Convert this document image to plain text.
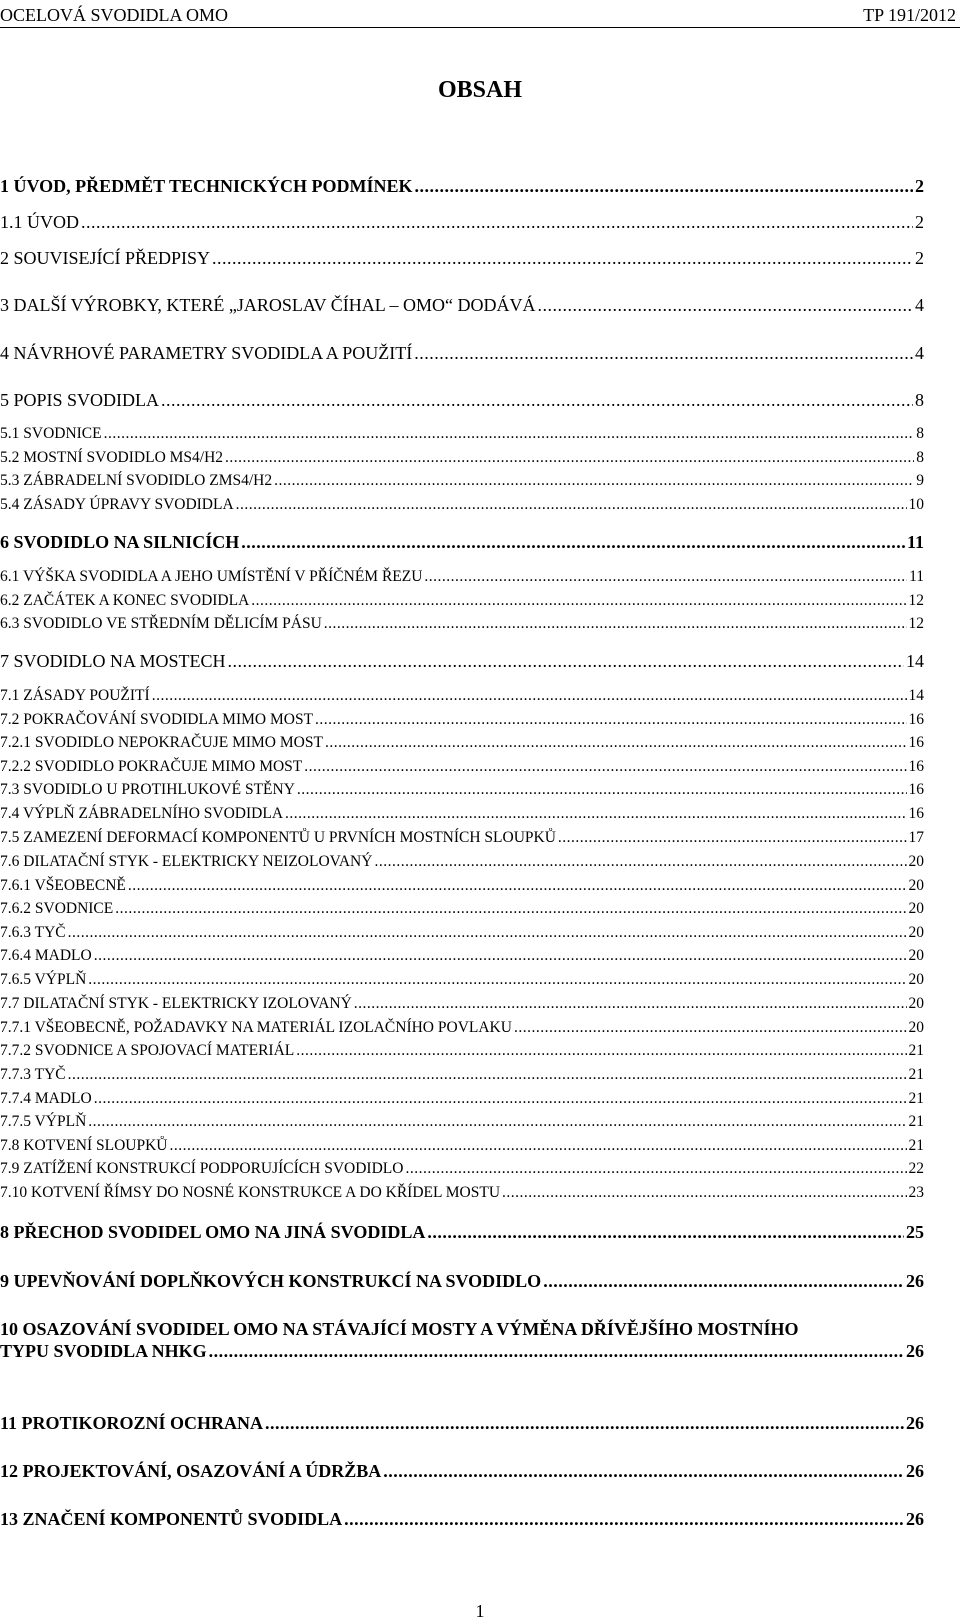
OCELOVÁ SVODIDLA OMO	TP 191/2012
OBSAH
1 ÚVOD, PŘEDMĚT TECHNICKÝCH PODMÍNEK .....	2
1.1 ÚVOD .....	2
2 SOUVISEJÍCÍ PŘEDPISY .....	2
3 DALŠÍ VÝROBKY, KTERÉ „JAROSLAV ČÍHAL – OMO“ DODÁVÁ .....	4
4 NÁVRHOVÉ PARAMETRY SVODIDLA A POUŽITÍ .....	4
5 POPIS SVODIDLA .....	8
5.1 SVODNICE .....	8
5.2 MOSTNÍ SVODIDLO MS4/H2 .....	8
5.3 ZÁBRADELNÍ SVODIDLO ZMS4/H2 .....	9
5.4 ZÁSADY ÚPRAVY SVODIDLA .....	10
6 SVODIDLO NA SILNICÍCH .....	11
6.1 VÝŠKA SVODIDLA A JEHO UMÍSTĚNÍ V PŘÍČNÉM ŘEZU .....	11
6.2 ZAČÁTEK A KONEC SVODIDLA .....	12
6.3 SVODIDLO VE STŘEDNÍM DĚLICÍM PÁSU .....	12
7 SVODIDLO NA MOSTECH .....	14
7.1 ZÁSADY POUŽITÍ .....	14
7.2 POKRAČOVÁNÍ SVODIDLA MIMO MOST .....	16
7.2.1 SVODIDLO NEPOKRAČUJE MIMO MOST .....	16
7.2.2 SVODIDLO POKRAČUJE MIMO MOST .....	16
7.3 SVODIDLO U PROTIHLUKOVÉ STĚNY .....	16
7.4 VÝPLŇ ZÁBRADELNÍHO SVODIDLA .....	16
7.5 ZAMEZENÍ DEFORMACÍ KOMPONENTŮ U PRVNÍCH MOSTNÍCH SLOUPKŮ .....	17
7.6 DILATAČNÍ STYK - ELEKTRICKY NEIZOLOVANÝ .....	20
7.6.1 VŠEOBECNĚ .....	20
7.6.2 SVODNICE .....	20
7.6.3 TYČ .....	20
7.6.4 MADLO .....	20
7.6.5 VÝPLŇ .....	20
7.7 DILATAČNÍ STYK - ELEKTRICKY IZOLOVANÝ .....	20
7.7.1 VŠEOBECNĚ, POŽADAVKY NA MATERIÁL IZOLAČNÍHO POVLAKU .....	20
7.7.2 SVODNICE A SPOJOVACÍ MATERIÁL .....	21
7.7.3 TYČ .....	21
7.7.4 MADLO .....	21
7.7.5 VÝPLŇ .....	21
7.8 KOTVENÍ SLOUPKŮ .....	21
7.9 ZATÍŽENÍ KONSTRUKCÍ PODPORUJÍCÍCH SVODIDLO .....	22
7.10 KOTVENÍ ŘÍMSY DO NOSNÉ KONSTRUKCE A DO KŘÍDEL MOSTU .....	23
8 PŘECHOD SVODIDEL OMO NA JINÁ SVODIDLA .....	25
9 UPEVŇOVÁNÍ DOPLŇKOVÝCH KONSTRUKCÍ NA SVODIDLO .....	26
10 OSAZOVÁNÍ SVODIDEL OMO NA STÁVAJÍCÍ MOSTY A VÝMĚNA DŘÍVĚJŠÍHO MOSTNÍHO
TYPU SVODIDLA NHKG .....	26
11 PROTIKOROZNÍ OCHRANA .....	26
12 PROJEKTOVÁNÍ, OSAZOVÁNÍ A ÚDRŽBA .....	26
13 ZNAČENÍ KOMPONENTŮ SVODIDLA .....	26
1
